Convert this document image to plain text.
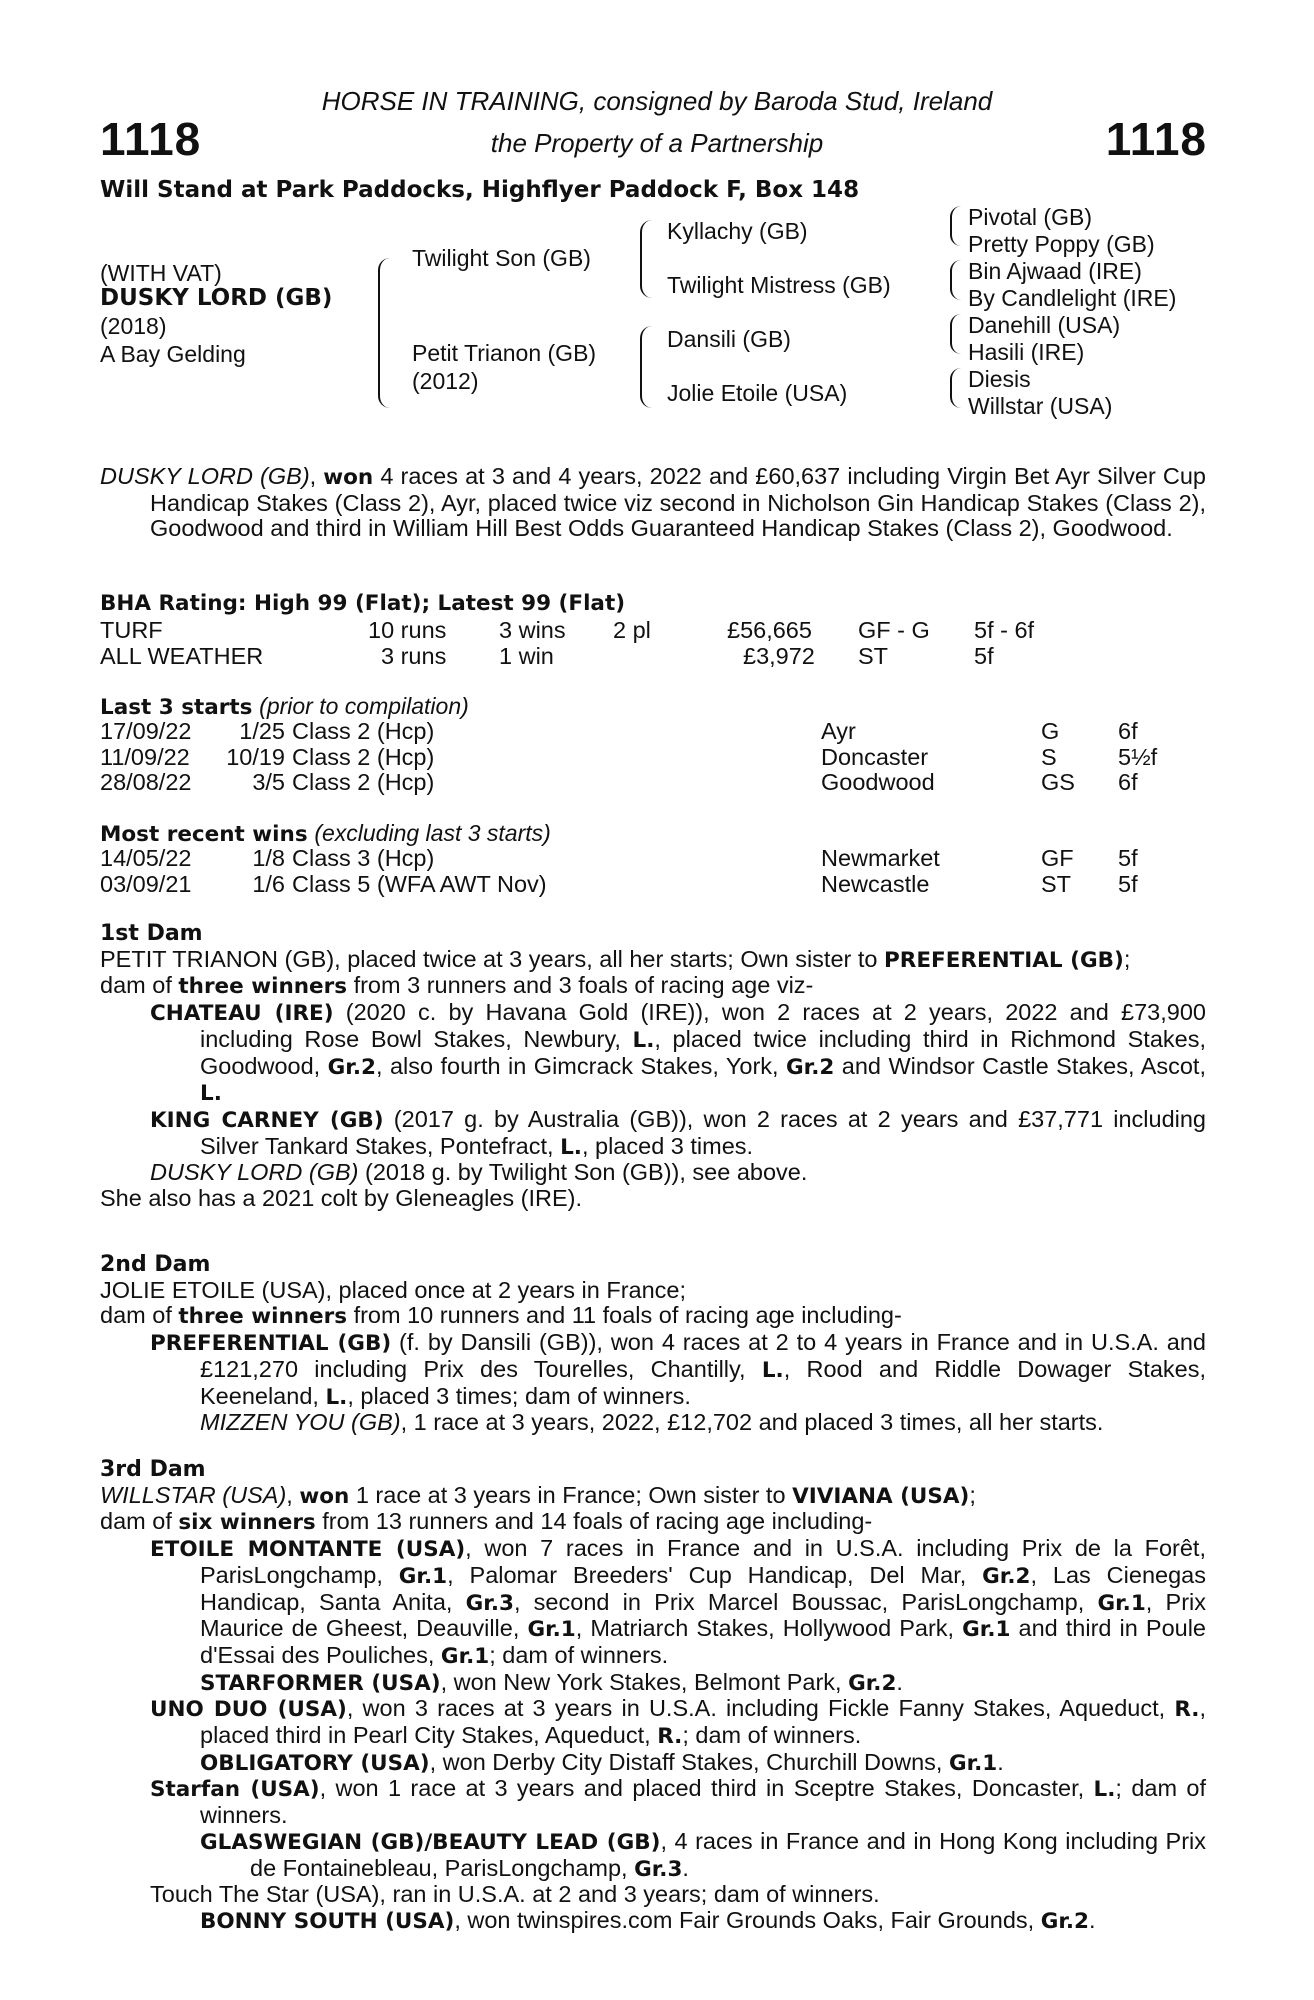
1118	1118
HORSE IN TRAINING, consigned by Baroda Stud, Ireland
the Property of a Partnership
Will Stand at Park Paddocks, Highflyer Paddock F, Box 148
(WITH VAT)
DUSKY LORD (GB)
(2018)
A Bay Gelding
Twilight Son (GB)
Petit Trianon (GB)
(2012)
Kyllachy (GB)
Twilight Mistress (GB)
Dansili (GB)
Jolie Etoile (USA)
Pivotal (GB)
Pretty Poppy (GB)
Bin Ajwaad (IRE)
By Candlelight (IRE)
Danehill (USA)
Hasili (IRE)
Diesis
Willstar (USA)

DUSKY LORD (GB), won 4 races at 3 and 4 years, 2022 and £60,637 including Virgin Bet Ayr Silver Cup Handicap Stakes (Class 2), Ayr, placed twice viz second in Nicholson Gin Handicap Stakes (Class 2), Goodwood and third in William Hill Best Odds Guaranteed Handicap Stakes (Class 2), Goodwood.

BHA Rating: High 99 (Flat); Latest 99 (Flat)
TURF	10 runs 3 wins 2 pl	£56,665 GF - G 5f - 6f
ALL WEATHER	3 runs 1 win	£3,972 ST	5f
Last 3 starts (prior to compilation)
17/09/22	1/25 Class 2 (Hcp)	Ayr	G 6f
11/09/22 10/19 Class 2 (Hcp)	Doncaster	S	5½f
28/08/22	3/5 Class 2 (Hcp)	Goodwood	GS 6f
Most recent wins (excluding last 3 starts)
14/05/22	1/8 Class 3 (Hcp)	Newmarket	GF 5f
03/09/21	1/6 Class 5 (WFA AWT Nov)	Newcastle	ST 5f

1st Dam

PETIT TRIANON (GB), placed twice at 3 years, all her starts; Own sister to PREFERENTIAL (GB);

dam of three winners from 3 runners and 3 foals of racing age viz-

CHATEAU (IRE) (2020 c. by Havana Gold (IRE)), won 2 races at 2 years, 2022 and £73,900 including Rose Bowl Stakes, Newbury, L., placed twice including third in Richmond Stakes, Goodwood, Gr.2, also fourth in Gimcrack Stakes, York, Gr.2 and Windsor Castle Stakes, Ascot, L.

KING CARNEY (GB) (2017 g. by Australia (GB)), won 2 races at 2 years and £37,771 including Silver Tankard Stakes, Pontefract, L., placed 3 times.

DUSKY LORD (GB) (2018 g. by Twilight Son (GB)), see above.

She also has a 2021 colt by Gleneagles (IRE).

2nd Dam

JOLIE ETOILE (USA), placed once at 2 years in France;

dam of three winners from 10 runners and 11 foals of racing age including-

PREFERENTIAL (GB) (f. by Dansili (GB)), won 4 races at 2 to 4 years in France and in U.S.A. and £121,270 including Prix des Tourelles, Chantilly, L., Rood and Riddle Dowager Stakes, Keeneland, L., placed 3 times; dam of winners.

MIZZEN YOU (GB), 1 race at 3 years, 2022, £12,702 and placed 3 times, all her starts.

3rd Dam

WILLSTAR (USA), won 1 race at 3 years in France; Own sister to VIVIANA (USA);

dam of six winners from 13 runners and 14 foals of racing age including-

ETOILE MONTANTE (USA), won 7 races in France and in U.S.A. including Prix de la Forêt, ParisLongchamp, Gr.1, Palomar Breeders' Cup Handicap, Del Mar, Gr.2, Las Cienegas Handicap, Santa Anita, Gr.3, second in Prix Marcel Boussac, ParisLongchamp, Gr.1, Prix Maurice de Gheest, Deauville, Gr.1, Matriarch Stakes, Hollywood Park, Gr.1 and third in Poule d'Essai des Pouliches, Gr.1; dam of winners.

STARFORMER (USA), won New York Stakes, Belmont Park, Gr.2.

UNO DUO (USA), won 3 races at 3 years in U.S.A. including Fickle Fanny Stakes, Aqueduct, R., placed third in Pearl City Stakes, Aqueduct, R.; dam of winners.

OBLIGATORY (USA), won Derby City Distaff Stakes, Churchill Downs, Gr.1.

Starfan (USA), won 1 race at 3 years and placed third in Sceptre Stakes, Doncaster, L.; dam of winners.

GLASWEGIAN (GB)/BEAUTY LEAD (GB), 4 races in France and in Hong Kong including Prix de Fontainebleau, ParisLongchamp, Gr.3.

Touch The Star (USA), ran in U.S.A. at 2 and 3 years; dam of winners.

BONNY SOUTH (USA), won twinspires.com Fair Grounds Oaks, Fair Grounds, Gr.2.
